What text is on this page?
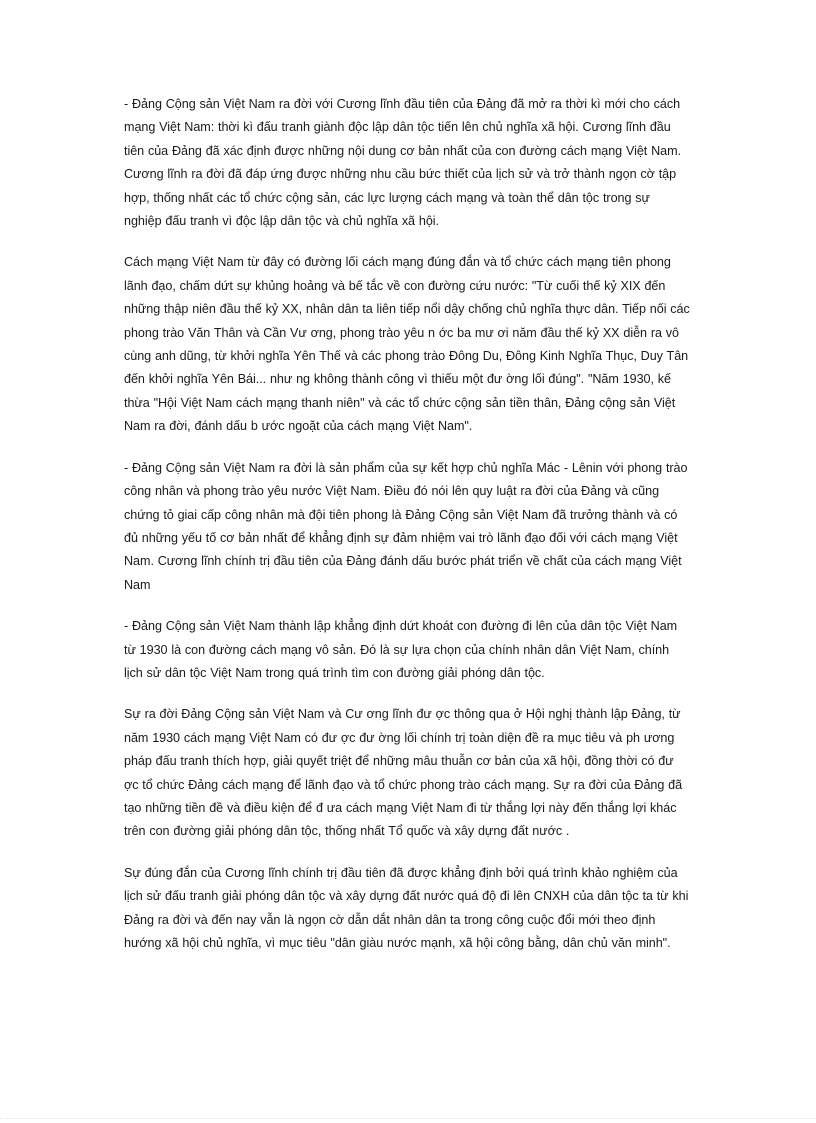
- Đảng Cộng sản Việt Nam ra đời với Cương lĩnh đầu tiên của Đảng đã mở ra thời kì mới cho cách mạng Việt Nam: thời kì đấu tranh giành độc lập dân tộc tiến lên chủ nghĩa xã hội. Cương lĩnh đầu tiên của Đảng đã xác định được những nội dung cơ bản nhất của con đường cách mạng Việt Nam. Cương lĩnh ra đời đã đáp ứng được những nhu cầu bức thiết của lịch sử và trở thành ngọn cờ tập hợp, thống nhất các tổ chức cộng sản, các lực lượng cách mạng và toàn thể dân tộc trong sự nghiệp đấu tranh vì độc lập dân tộc và chủ nghĩa xã hội.

Cách mạng Việt Nam từ đây có đường lối cách mạng đúng đắn và tổ chức cách mạng tiên phong lãnh đạo, chấm dứt sự khủng hoảng và bế tắc về con đường cứu nước: "Từ cuối thế kỷ XIX đến những thập niên đầu thế kỷ XX, nhân dân ta liên tiếp nổi dậy chống chủ nghĩa thực dân. Tiếp nối các phong trào Văn Thân và Cần Vư ơng, phong trào yêu n ớc ba mư ơi năm đầu thế kỷ XX diễn ra vô cùng anh dũng, từ khởi nghĩa Yên Thế và các phong trào Đông Du, Đông Kinh Nghĩa Thục, Duy Tân đến khởi nghĩa Yên Bái... như ng không thành công vì thiếu một đư ờng lối đúng". "Năm 1930, kế thừa "Hội Việt Nam cách mạng thanh niên" và các tổ chức cộng sản tiền thân, Đảng cộng sản Việt Nam ra đời, đánh dấu b ước ngoặt của cách mạng Việt Nam".

- Đảng Cộng sản Việt Nam ra đời là sản phẩm của sự kết hợp chủ nghĩa Mác - Lênin với phong trào công nhân và phong trào yêu nước Việt Nam. Điều đó nói lên quy luật ra đời của Đảng và cũng chứng tỏ giai cấp công nhân mà đội tiên phong là Đảng Cộng sản Việt Nam đã trưởng thành và có đủ những yếu tố cơ bản nhất để khẳng định sự đảm nhiệm vai trò lãnh đạo đối với cách mạng Việt Nam. Cương lĩnh chính trị đầu tiên của Đảng đánh dấu bước phát triển về chất của cách mạng Việt Nam

- Đảng Cộng sản Việt Nam thành lập khẳng định dứt khoát con đường đi lên của dân tộc Việt Nam từ 1930 là con đường cách mạng vô sản. Đó là sự lựa chọn của chính nhân dân Việt Nam, chính lịch sử dân tộc Việt Nam trong quá trình tìm con đường giải phóng dân tộc.

Sự ra đời Đảng Cộng sản Việt Nam và Cư ơng lĩnh đư ợc thông qua ở Hội nghị thành lập Đảng, từ năm 1930 cách mạng Việt Nam có đư ợc đư ờng lối chính trị toàn diện đề ra mục tiêu và ph ương pháp đấu tranh thích hợp, giải quyết triệt để những mâu thuẫn cơ bản của xã hội, đồng thời có đư ợc tổ chức Đảng cách mạng để lãnh đạo và tổ chức phong trào cách mạng. Sự ra đời của Đảng đã tạo những tiền đề và điều kiện để đ ưa cách mạng Việt Nam đi từ thắng lợi này đến thắng lợi khác trên con đường giải phóng dân tộc, thống nhất Tổ quốc và xây dựng đất nước .

Sự đúng đắn của Cương lĩnh chính trị đầu tiên đã được khẳng định bởi quá trình khảo nghiệm của lịch sử đấu tranh giải phóng dân tộc và xây dựng đất nước quá độ đi lên CNXH của dân tộc ta từ khi Đảng ra đời và đến nay vẫn là ngọn cờ dẫn dắt nhân dân ta trong công cuộc đổi mới theo định hướng xã hội chủ nghĩa, vì mục tiêu "dân giàu nước mạnh, xã hội công bằng, dân chủ văn minh".
